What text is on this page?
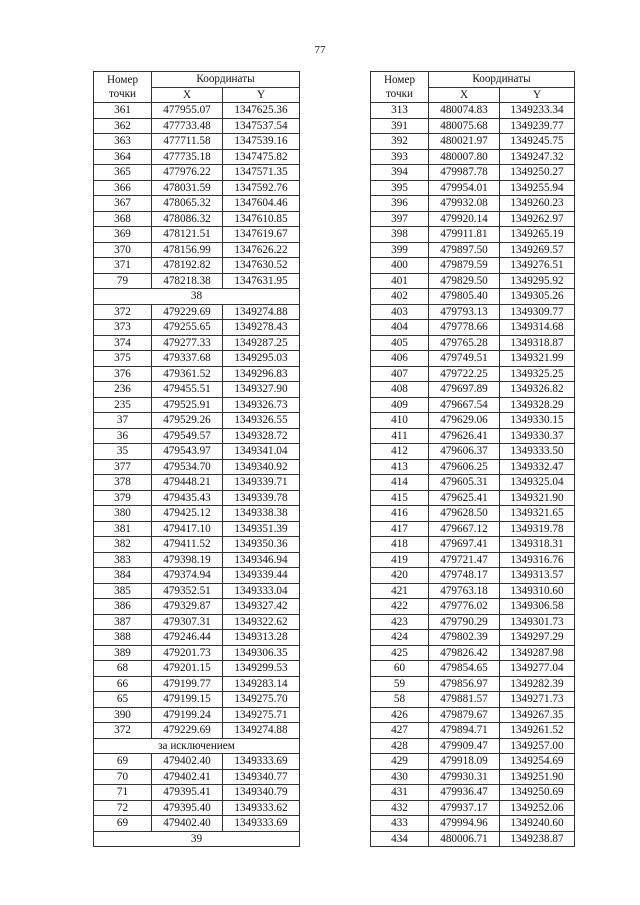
77
Номер точки	Координаты	
	X	Y
361	477955.07	1347625.36
362	477733.48	1347537.54
363	477711.58	1347539.16
364	477735.18	1347475.82
365	477976.22	1347571.35
366	478031.59	1347592.76
367	478065.32	1347604.46
368	478086.32	1347610.85
369	478121.51	1347619.67
370	478156.99	1347626.22
371	478192.82	1347630.52
79	478218.38	1347631.95
38		
372	479229.69	1349274.88
373	479255.65	1349278.43
374	479277.33	1349287.25
375	479337.68	1349295.03
376	479361.52	1349296.83
236	479455.51	1349327.90
235	479525.91	1349326.73
37	479529.26	1349326.55
36	479549.57	1349328.72
35	479543.97	1349341.04
377	479534.70	1349340.92
378	479448.21	1349339.71
379	479435.43	1349339.78
380	479425.12	1349338.38
381	479417.10	1349351.39
382	479411.52	1349350.36
383	479398.19	1349346.94
384	479374.94	1349339.44
385	479352.51	1349333.04
386	479329.87	1349327.42
387	479307.31	1349322.62
388	479246.44	1349313.28
389	479201.73	1349306.35
68	479201.15	1349299.53
66	479199.77	1349283.14
65	479199.15	1349275.70
390	479199.24	1349275.71
372	479229.69	1349274.88
за исключением		
69	479402.40	1349333.69
70	479402.41	1349340.77
71	479395.41	1349340.79
72	479395.40	1349333.62
69	479402.40	1349333.69
39		
Номер точки	Координаты	
	X	Y
313	480074.83	1349233.34
391	480075.68	1349239.77
392	480021.97	1349245.75
393	480007.80	1349247.32
394	479987.78	1349250.27
395	479954.01	1349255.94
396	479932.08	1349260.23
397	479920.14	1349262.97
398	479911.81	1349265.19
399	479897.50	1349269.57
400	479879.59	1349276.51
401	479829.50	1349295.92
402	479805.40	1349305.26
403	479793.13	1349309.77
404	479778.66	1349314.68
405	479765.28	1349318.87
406	479749.51	1349321.99
407	479722.25	1349325.25
408	479697.89	1349326.82
409	479667.54	1349328.29
410	479629.06	1349330.15
411	479626.41	1349330.37
412	479606.37	1349333.50
413	479606.25	1349332.47
414	479605.31	1349325.04
415	479625.41	1349321.90
416	479628.50	1349321.65
417	479667.12	1349319.78
418	479697.41	1349318.31
419	479721.47	1349316.76
420	479748.17	1349313.57
421	479763.18	1349310.60
422	479776.02	1349306.58
423	479790.29	1349301.73
424	479802.39	1349297.29
425	479826.42	1349287.98
60	479854.65	1349277.04
59	479856.97	1349282.39
58	479881.57	1349271.73
426	479879.67	1349267.35
427	479894.71	1349261.52
428	479909.47	1349257.00
429	479918.09	1349254.69
430	479930.31	1349251.90
431	479936.47	1349250.69
432	479937.17	1349252.06
433	479994.96	1349240.60
434	480006.71	1349238.87
